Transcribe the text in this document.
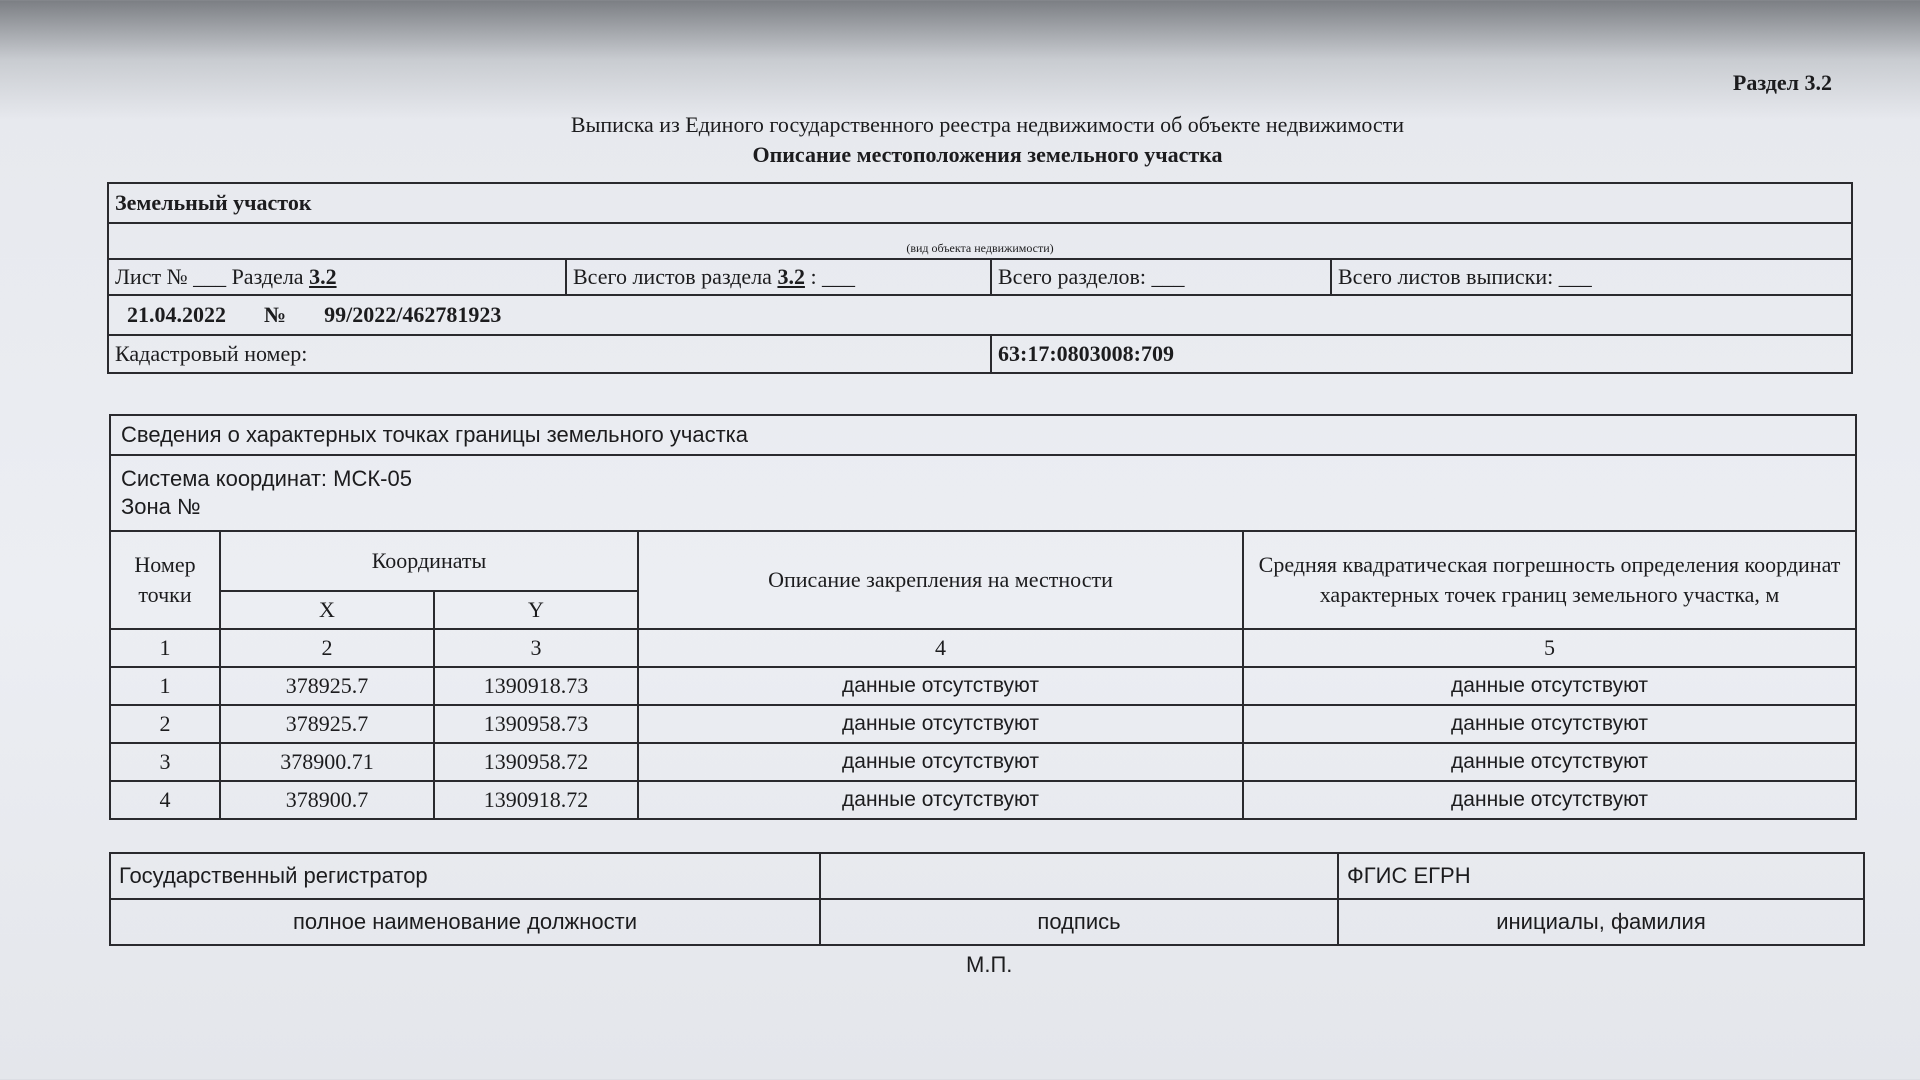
Раздел 3.2
Выписка из Единого государственного реестра недвижимости об объекте недвижимости
Описание местоположения земельного участка
Земельный участок			
(вид объекта недвижимости)			
Лист № ___ Раздела 3.2	Всего листов раздела 3.2 : ___	Всего разделов: ___	Всего листов выписки: ___
21.04.2022 № 99/2022/462781923			
Кадастровый номер:		63:17:0803008:709	
Сведения о характерных точках границы земельного участка				

Система координат: МСК-05
Зона №				

Номер точки	Координаты		Описание закрепления на местности	Средняя квадратическая погрешность определения координат характерных точек границ земельного участка, м
	X	Y		
1	2	3	4	5
1	378925.7	1390918.73	данные отсутствуют	данные отсутствуют
2	378925.7	1390958.73	данные отсутствуют	данные отсутствуют
3	378900.71	1390958.72	данные отсутствуют	данные отсутствуют
4	378900.7	1390918.72	данные отсутствуют	данные отсутствуют
Государственный регистратор		ФГИС ЕГРН
полное наименование должности	подпись	инициалы, фамилия
М.П.
